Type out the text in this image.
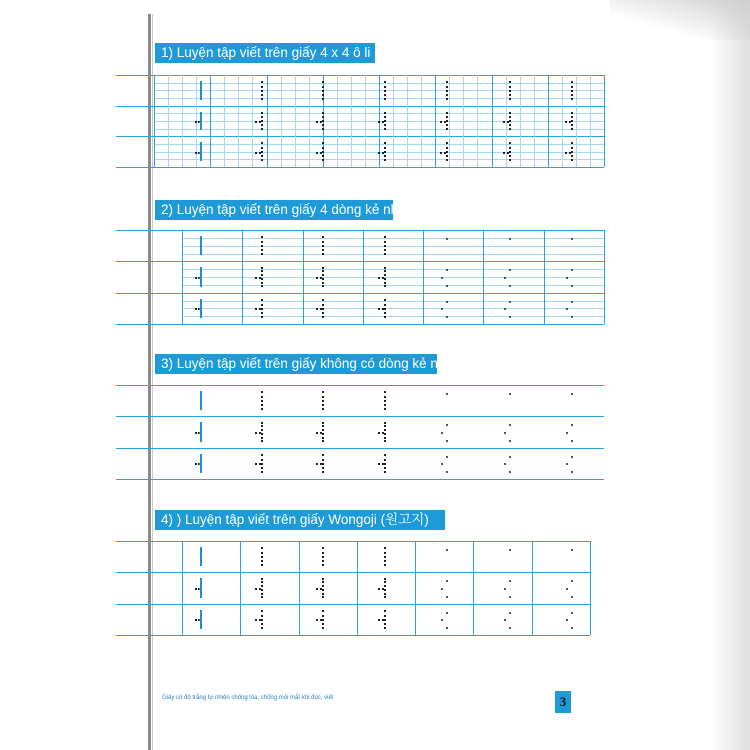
1) Luyện tập viết trên giấy 4 x 4 ô li
2) Luyện tập viết trên giấy 4 dòng kẻ nhỏ
3) Luyện tập viết trên giấy không có dòng kẻ nhỏ
4) ) Luyện tập viết trên giấy Wongoji (원고지)
Giấy có độ trắng tự nhiên chống lóa, chống mỏi mắt khi đọc, viết	3
